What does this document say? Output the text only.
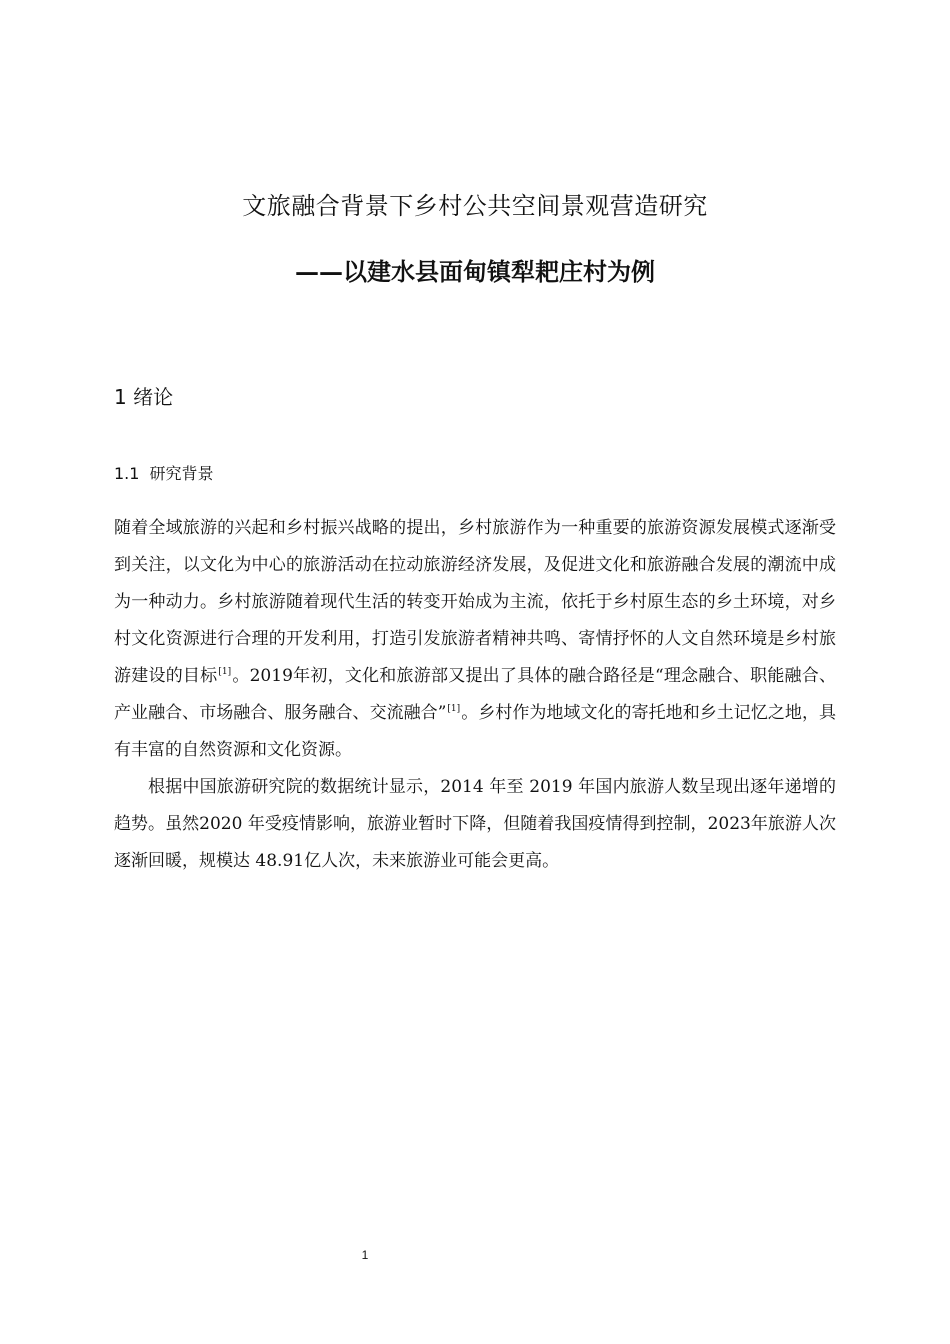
文旅融合背景下乡村公共空间景观营造研究
——以建水县面甸镇犁耙庄村为例
1 绪论
1.1 研究背景

随着全域旅游的兴起和乡村振兴战略的提出，乡村旅游作为一种重要的旅游资源发展模式逐渐受到关注，以文化为中心的旅游活动在拉动旅游经济发展，及促进文化和旅游融合发展的潮流中成为一种动力。乡村旅游随着现代生活的转变开始成为主流，依托于乡村原生态的乡土环境，对乡村文化资源进行合理的开发利用，打造引发旅游者精神共鸣、寄情抒怀的人文自然环境是乡村旅游建设的目标[1]。2019年初，文化和旅游部又提出了具体的融合路径是“理念融合、职能融合、产业融合、市场融合、服务融合、交流融合”[1]。乡村作为地域文化的寄托地和乡土记忆之地，具有丰富的自然资源和文化资源。

根据中国旅游研究院的数据统计显示，2014 年至 2019 年国内旅游人数呈现出逐年递增的趋势。虽然2020 年受疫情影响，旅游业暂时下降，但随着我国疫情得到控制，2023年旅游人次逐渐回暖，规模达 48.91亿人次，未来旅游业可能会更高。

1
